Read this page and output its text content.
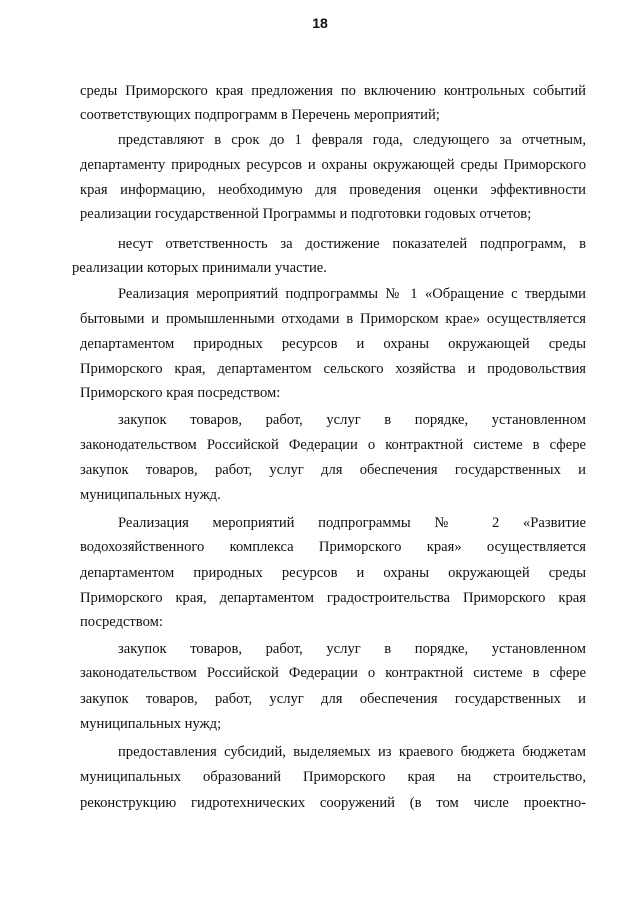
18
среды Приморского края предложения по включению контрольных событий
соответствующих подпрограмм в Перечень мероприятий;
представляют в срок до 1 февраля года, следующего за отчетным,
департаменту природных ресурсов и охраны окружающей среды Приморского
края информацию, необходимую для проведения оценки эффективности
реализации государственной Программы и подготовки годовых отчетов;
несут ответственность за достижение показателей подпрограмм, в
реализации которых принимали участие.
Реализация мероприятий подпрограммы № 1 «Обращение с твердыми
бытовыми и промышленными отходами в Приморском крае» осуществляется
департаментом природных ресурсов и охраны окружающей среды
Приморского края, департаментом сельского хозяйства и продовольствия
Приморского края посредством:
закупок товаров, работ, услуг в порядке, установленном
законодательством Российской Федерации о контрактной системе в сфере
закупок товаров, работ, услуг для обеспечения государственных и
муниципальных нужд.
Реализация мероприятий подпрограммы № 2 «Развитие
водохозяйственного комплекса Приморского края» осуществляется
департаментом природных ресурсов и охраны окружающей среды
Приморского края, департаментом градостроительства Приморского края
посредством:
закупок товаров, работ, услуг в порядке, установленном
законодательством Российской Федерации о контрактной системе в сфере
закупок товаров, работ, услуг для обеспечения государственных и
муниципальных нужд;
предоставления субсидий, выделяемых из краевого бюджета бюджетам
муниципальных образований Приморского края на строительство,
реконструкцию гидротехнических сооружений (в том числе проектно-
